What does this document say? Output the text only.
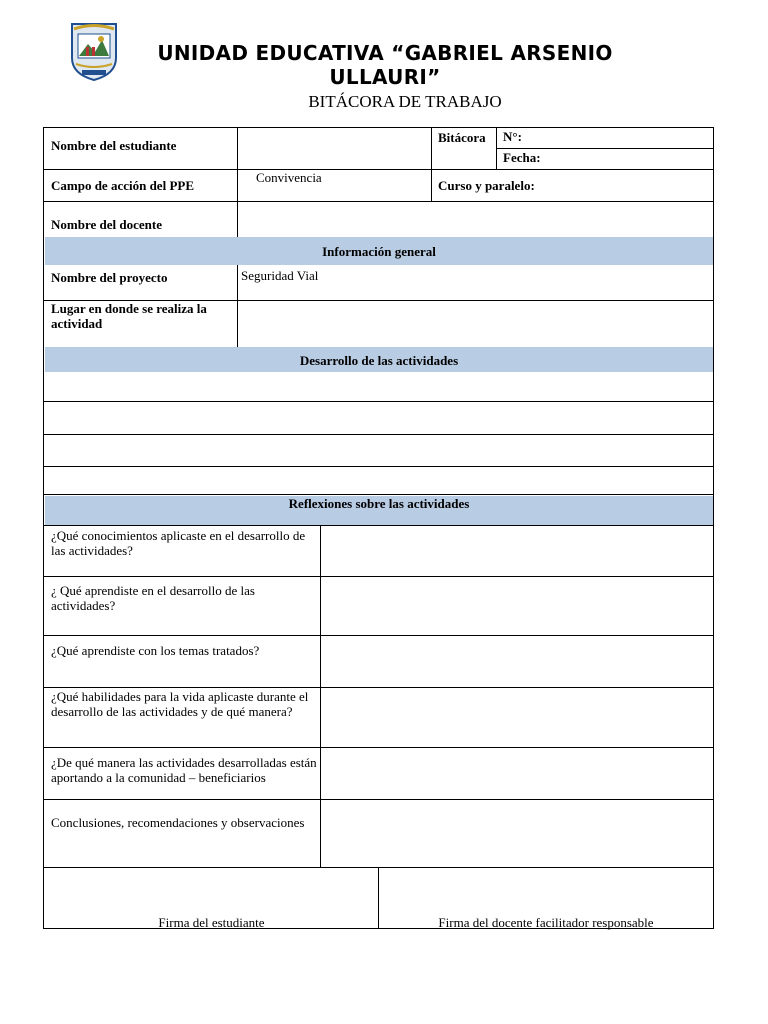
UNIDAD EDUCATIVA “GABRIEL ARSENIO ULLAURI”
BITÁCORA DE TRABAJO
Nombre del estudiante
Bitácora N°:
Fecha:
Campo de acción del PPE
Convivencia
Curso y paralelo:
Nombre del docente
Información general
Nombre del proyecto	Seguridad Vial
Lugar en donde se realiza la actividad
Desarrollo de las actividades
Reflexiones sobre las actividades
¿Qué conocimientos aplicaste en el desarrollo de las actividades?
¿ Qué aprendiste en el desarrollo de las actividades?
¿Qué aprendiste con los temas tratados?
¿Qué habilidades para la vida aplicaste durante el desarrollo de las actividades y de qué manera?
¿De qué manera las actividades desarrolladas están aportando a la comunidad – beneficiarios
Conclusiones, recomendaciones y observaciones
Firma del estudiante	Firma del docente facilitador responsable
